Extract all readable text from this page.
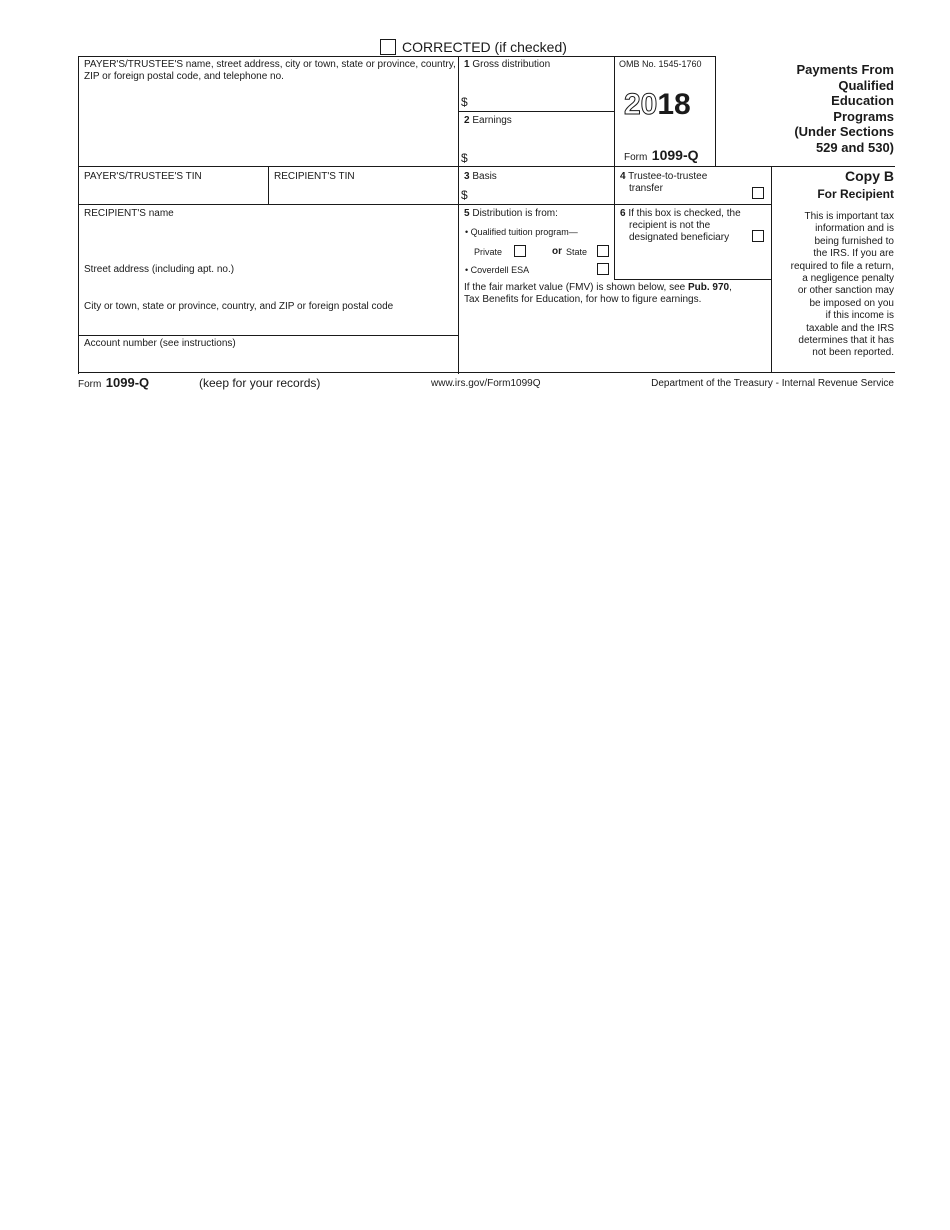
CORRECTED (if checked)
PAYER'S/TRUSTEE'S name, street address, city or town, state or province, country, ZIP or foreign postal code, and telephone no.
PAYER'S/TRUSTEE'S TIN	RECIPIENT'S TIN
RECIPIENT'S name
Street address (including apt. no.)
City or town, state or province, country, and ZIP or foreign postal code
Account number (see instructions)
1 Gross distribution
$
2 Earnings
$
OMB No. 1545-1760
2018
Form 1099-Q
Payments From
Qualified
Education
Programs
(Under Sections
529 and 530)
3 Basis
$
4 Trustee-to-trustee
transfer
Copy B
For Recipient
5 Distribution is from:
• Qualified tuition program—
Private	or State
• Coverdell ESA
6 If this box is checked, the
recipient is not the
designated beneficiary
If the fair market value (FMV) is shown below, see Pub. 970,
Tax Benefits for Education, for how to figure earnings.
This is important tax
information and is
being furnished to
the IRS. If you are
required to file a return,
a negligence penalty
or other sanction may
be imposed on you
if this income is
taxable and the IRS
determines that it has
not been reported.
Form 1099-Q	(keep for your records)	www.irs.gov/Form1099Q	Department of the Treasury - Internal Revenue Service
